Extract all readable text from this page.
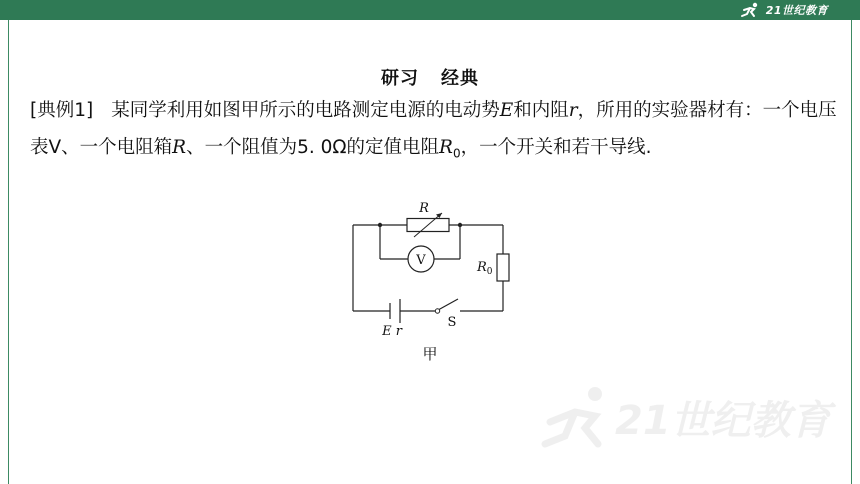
21世纪教育
研习 经典
[典例1] 某同学利用如图甲所示的电路测定电源的电动势E和内阻r，所用的实验器材有：一个电压表V、一个电阻箱R、一个阻值为5. 0Ω的定值电阻$R_0$，一个开关和若干导线.
R
V	$R_0$
E r
S
甲
21世纪教育
